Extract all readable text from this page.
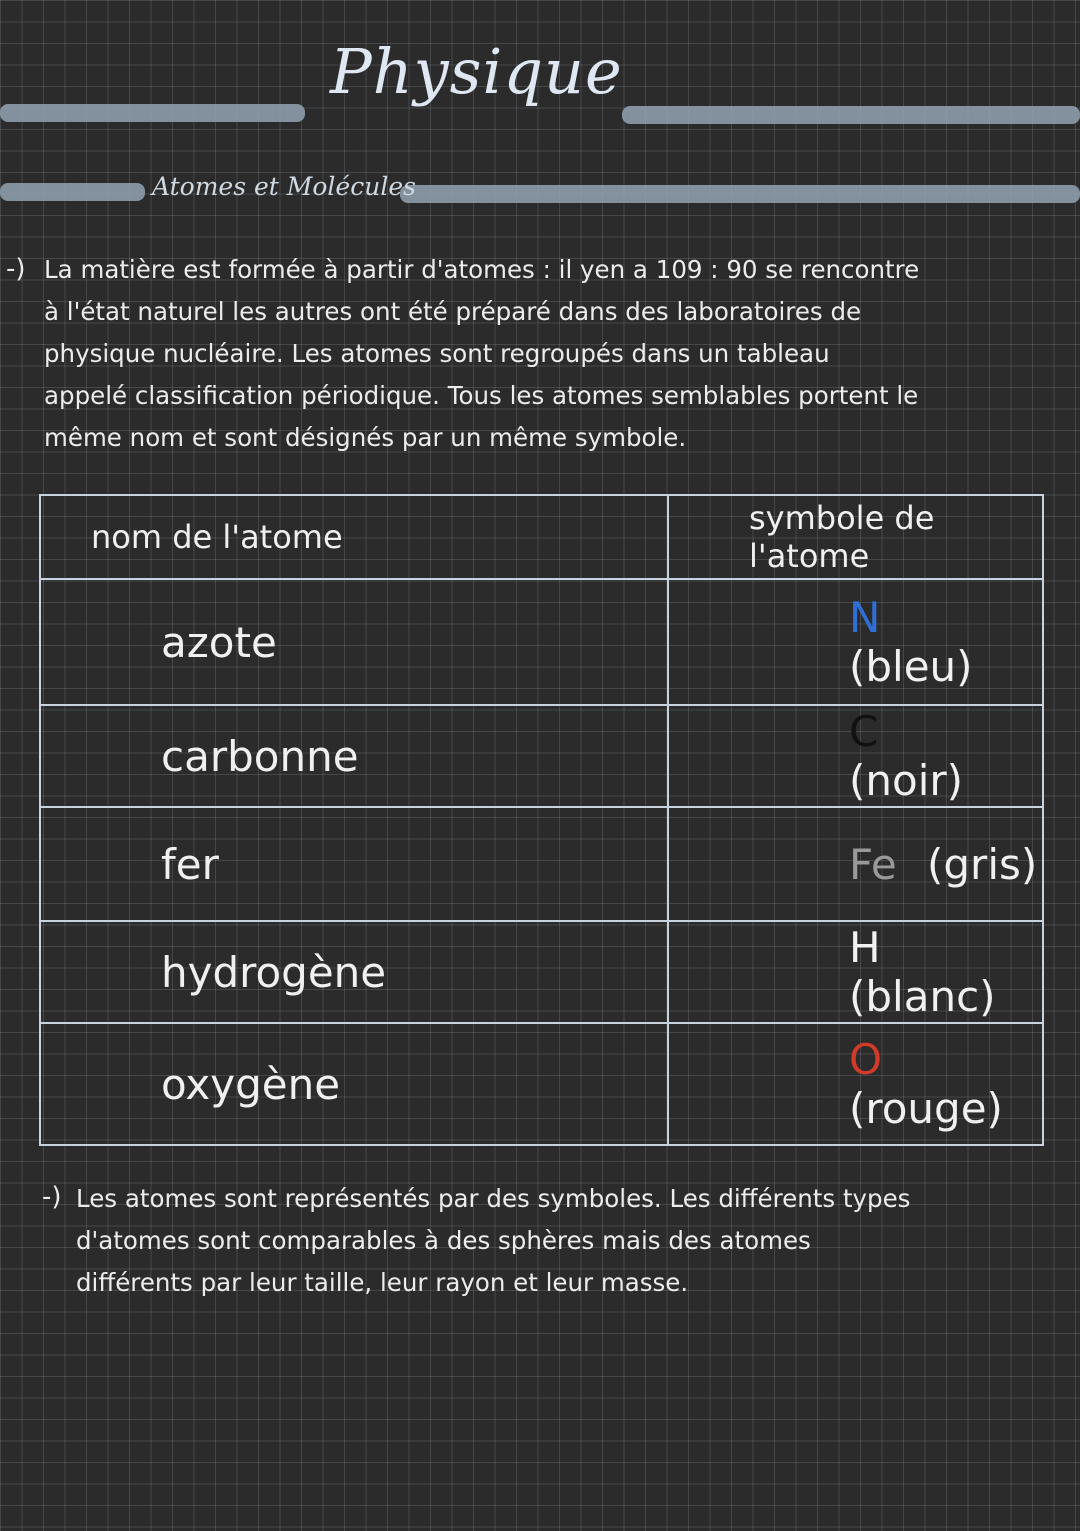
Physique
Atomes et Molécules
-) La matière est formée à partir d'atomes : il yen a 109 : 90 se rencontre
à l'état naturel les autres ont été préparé dans des laboratoires de
physique nucléaire. Les atomes sont regroupés dans un tableau
appelé classification périodique. Tous les atomes semblables portent le
même nom et sont désignés par un même symbole.
nom de l'atome	symbole de l'atome
azote	N(bleu)
carbonne	C(noir)
fer	Fe (gris)
hydrogène	H(blanc)
oxygène	O(rouge)
-) Les atomes sont représentés par des symboles. Les différents types
d'atomes sont comparables à des sphères mais des atomes
différents par leur taille, leur rayon et leur masse.
